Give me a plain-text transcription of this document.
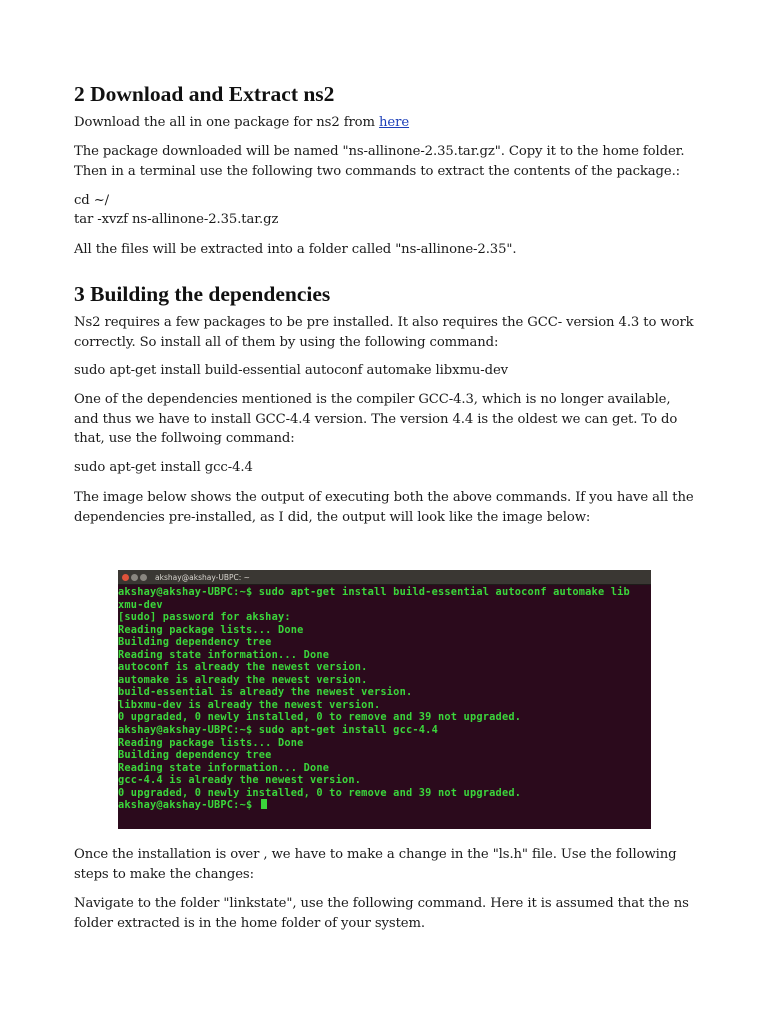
2 Download and Extract ns2

Download the all in one package for ns2 from here

The package downloaded will be named "ns-allinone-2.35.tar.gz". Copy it to the home folder. Then in a terminal use the following two commands to extract the contents of the package.:

cd ~/

tar -xvzf ns-allinone-2.35.tar.gz

All the files will be extracted into a folder called "ns-allinone-2.35".

3 Building the dependencies

Ns2 requires a few packages to be pre installed. It also requires the GCC- version 4.3 to work correctly. So install all of them by using the following command:

sudo apt-get install build-essential autoconf automake libxmu-dev

One of the dependencies mentioned is the compiler GCC-4.3, which is no longer available, and thus we have to install GCC-4.4 version. The version 4.4 is the oldest we can get. To do that, use the follwoing command:

sudo apt-get install gcc-4.4

The image below shows the output of executing both the above commands. If you have all the dependencies pre-installed, as I did, the output will look like the image below:

Once the installation is over , we have to make a change in the "ls.h" file. Use the following steps to make the changes:

Navigate to the folder "linkstate", use the following command. Here it is assumed that the ns folder extracted is in the home folder of your system.

akshay@akshay-UBPC: ~
akshay@akshay-UBPC:~$ sudo apt-get install build-essential autoconf automake lib
xmu-dev
[sudo] password for akshay:
Reading package lists... Done
Building dependency tree
Reading state information... Done
autoconf is already the newest version.
automake is already the newest version.
build-essential is already the newest version.
libxmu-dev is already the newest version.
0 upgraded, 0 newly installed, 0 to remove and 39 not upgraded.
akshay@akshay-UBPC:~$ sudo apt-get install gcc-4.4
Reading package lists... Done
Building dependency tree
Reading state information... Done
gcc-4.4 is already the newest version.
0 upgraded, 0 newly installed, 0 to remove and 39 not upgraded.
akshay@akshay-UBPC:~$
